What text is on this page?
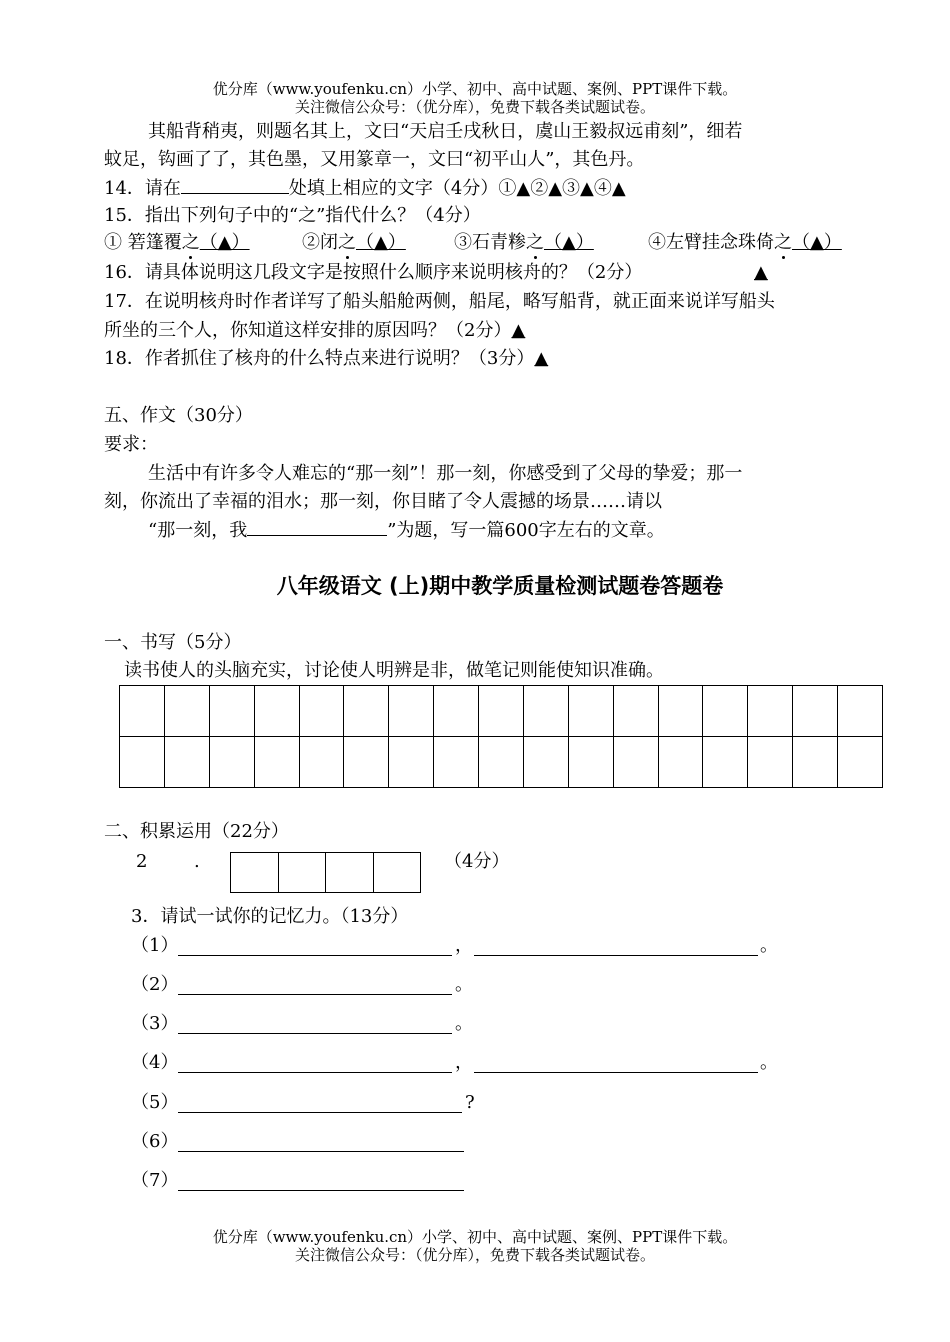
优分库（www.youfenku.cn）小学、初中、高中试题、案例、PPT课件下载。
关注微信公众号：（优分库），免费下载各类试题试卷。
其船背稍夷，则题名其上，文曰“天启壬戌秋日，虞山王毅叔远甫刻”，细若
蚊足，钩画了了，其色墨，又用篆章一，文曰“初平山人”，其色丹。
14．请在	处填上相应的文字（4分）①▲②▲③▲④▲
15．指出下列句子中的“之”指代什么？（4分）
① 箬篷覆之（▲）	②闭之（▲）	③石青糁之（▲）	④左臂挂念珠倚之（▲）
16．请具体说明这几段文字是按照什么顺序来说明核舟的？（2分）	▲
17．在说明核舟时作者详写了船头船舱两侧，船尾，略写船背，就正面来说详写船头
所坐的三个人，你知道这样安排的原因吗？（2分）▲
18．作者抓住了核舟的什么特点来进行说明？（3分）▲
五、作文（30分）
要求：
生活中有许多令人难忘的“那一刻”！那一刻，你感受到了父母的挚爱；那一
刻，你流出了幸福的泪水；那一刻，你目睹了令人震撼的场景……请以
“那一刻，我	”为题，写一篇600字左右的文章。
八年级语文 (上)期中教学质量检测试题卷答题卷
一、书写（5分）
读书使人的头脑充实，讨论使人明辨是非，做笔记则能使知识准确。

二、积累运用（22分）
2	.
				（4分）
3．请试一试你的记忆力。（13分）
（1）	，	。
（2）	。
（3）	。
（4）	，	。
（5）	?
（6）
（7）
优分库（www.youfenku.cn）小学、初中、高中试题、案例、PPT课件下载。
关注微信公众号：（优分库），免费下载各类试题试卷。
